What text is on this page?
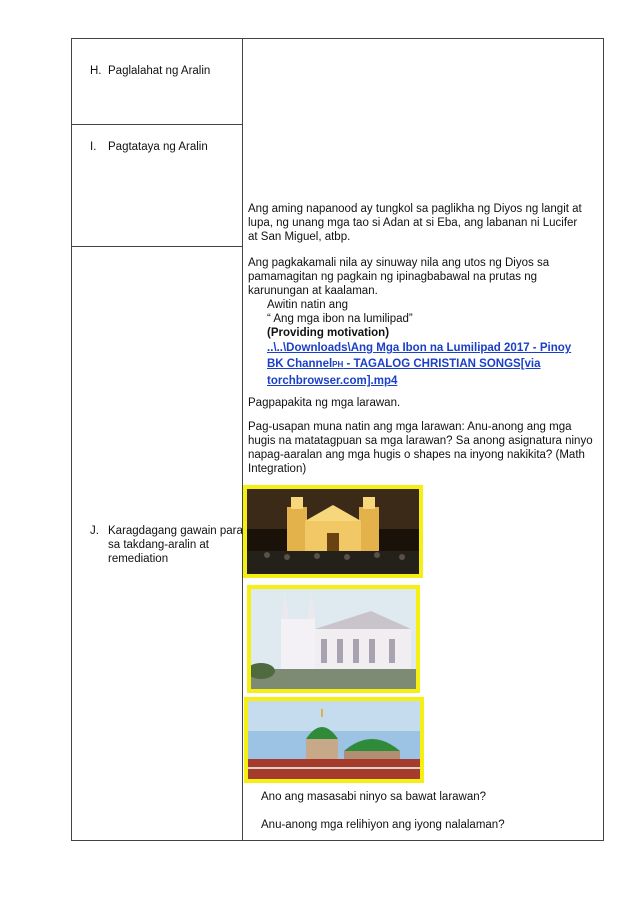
H. Paglalahat ng Aralin
I. Pagtataya ng Aralin
J. Karagdagang gawain para
sa takdang-aralin at
remediation

Ang aming napanood ay tungkol sa paglikha ng Diyos ng langit at

lupa, ng unang mga tao si Adan at si Eba, ang labanan ni Lucifer

at San Miguel, atbp.

Ang pagkakamali nila ay sinuway nila ang utos ng Diyos sa

pamamagitan ng pagkain ng ipinagbabawal na prutas ng

karunungan at kaalaman.

Awitin natin ang

“ Ang mga ibon na lumilipad”

(Providing motivation)

..\..\Downloads\Ang Mga Ibon na Lumilipad 2017 - Pinoy

BK ChannelPH - TAGALOG CHRISTIAN SONGS[via

torchbrowser.com].mp4

Pagpapakita ng mga larawan.

Pag-usapan muna natin ang mga larawan: Anu-anong ang mga

hugis na matatagpuan sa mga larawan? Sa anong asignatura ninyo

napag-aaralan ang mga hugis o shapes na inyong nakikita? (Math

Integration)

Ano ang masasabi ninyo sa bawat larawan?

Anu-anong mga relihiyon ang iyong nalalaman?
